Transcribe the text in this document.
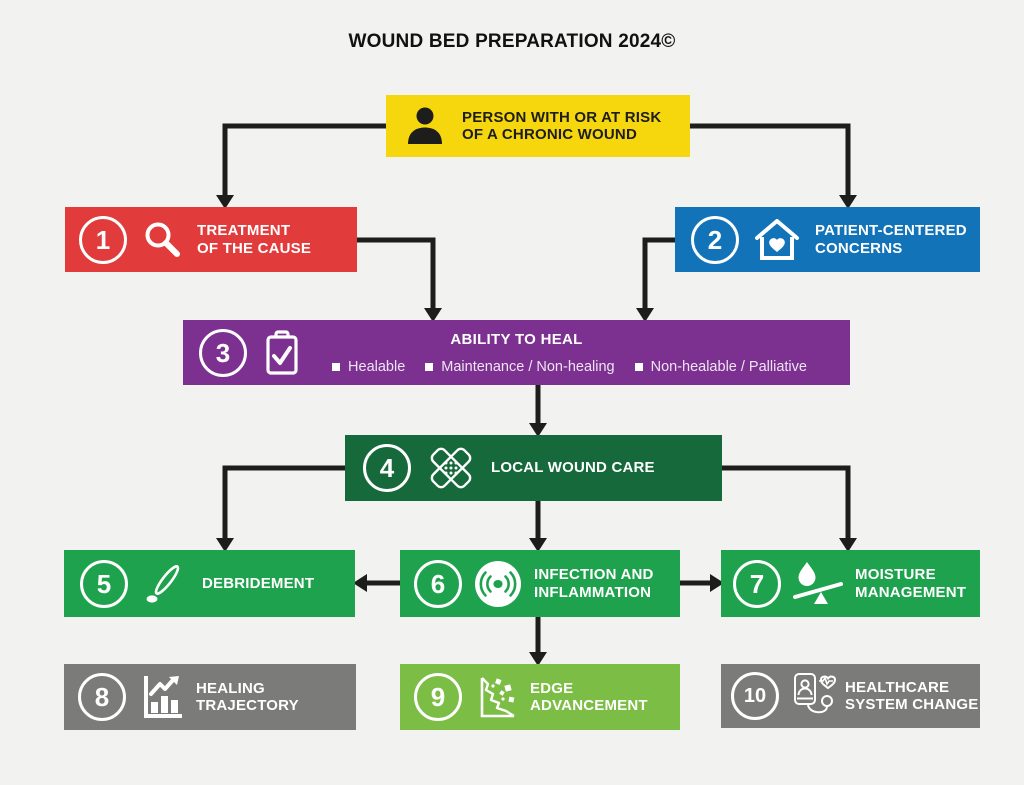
WOUND BED PREPARATION 2024©
PERSON WITH OR AT RISK
OF A CHRONIC WOUND
1	TREATMENT
OF THE CAUSE	2	PATIENT-CENTERED
CONCERNS
3	ABILITY TO HEAL
Healable Maintenance / Non-healing Non-healable / Palliative
4	LOCAL WOUND CARE
5	DEBRIDEMENT	6	INFECTION AND
INFLAMMATION	7	MOISTURE
MANAGEMENT
8	HEALING TRAJECTORY	9	EDGE ADVANCEMENT	10	HEALTHCARE
SYSTEM CHANGE
